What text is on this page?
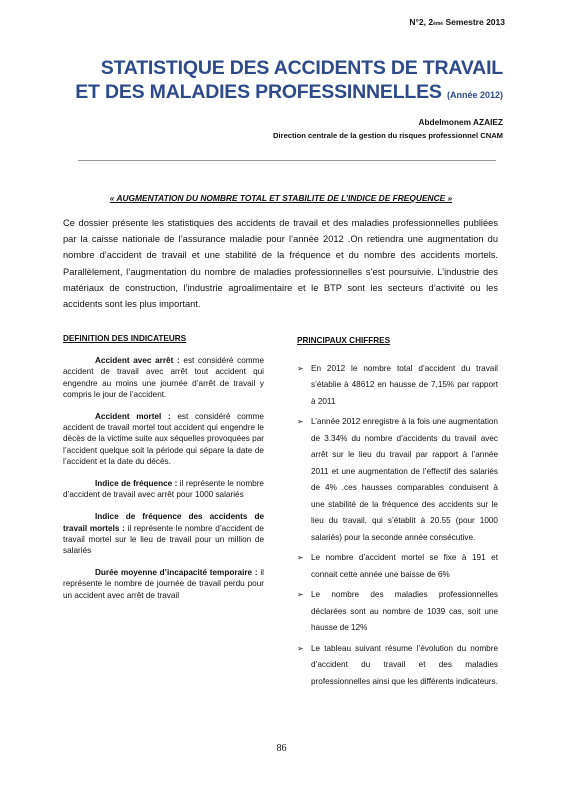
N°2, 2ème Semestre 2013
STATISTIQUE DES ACCIDENTS DE TRAVAIL
ET DES MALADIES PROFESSINNELLES (Année 2012)
Abdelmonem AZAIEZ
Direction centrale de la gestion du risques professionnel CNAM
« AUGMENTATION DU NOMBRE TOTAL ET STABILITE DE L’INDICE DE FREQUENCE »
Ce dossier présente les statistiques des accidents de travail et des maladies professionnelles publiées par la caisse nationale de l’assurance maladie pour l’année 2012 .On retiendra une augmentation du nombre d’accident de travail et une stabilité de la fréquence et du nombre des accidents mortels. Parallèlement, l’augmentation du nombre de maladies professionnelles s’est poursuivie. L’industrie des matériaux de construction, l’industrie agroalimentaire et le BTP sont les secteurs d’activité ou les accidents sont les plus important.
DEFINITION DES INDICATEURS
Accident avec arrêt : est considéré comme accident de travail avec arrêt tout accident qui engendre au moins une journée d’arrêt de travail y compris le jour de l’accident.
Accident mortel : est considéré comme accident de travail mortel tout accident qui engendre le décès de la victime suite aux séquelles provoquées par l’accident quelque soit la période qui sépare la date de l’accident et la date du décès.
Indice de fréquence : il représente le nombre d’accident de travail avec arrêt pour 1000 salariés
Indice de fréquence des accidents de travail mortels : il représente le nombre d’accident de travail mortel sur le lieu de travail pour un million de salariés
Durée moyenne d’incapacité temporaire : il représente le nombre de journée de travail perdu pour un accident avec arrêt de travail
PRINCIPAUX CHIFFRES
➢ En 2012 le nombre total d’accident du travail s’établie à 48612 en hausse de 7,15% par rapport à 2011
➢ L’année 2012 enregistre à la fois une augmentation de 3.34% du nombre d’accidents du travail avec arrêt sur le lieu du travail par rapport à l’année 2011 et une augmentation de l’effectif des salariés de 4% .ces hausses comparables conduisent à une stabilité de la fréquence des accidents sur le lieu du travail, qui s’établit à 20.55 (pour 1000 salariés) pour la seconde année consécutive.
➢ Le nombre d’accident mortel se fixe à 191 et connait cette année une baisse de 6%
➢ Le nombre des maladies professionnelles déclarées sont au nombre de 1039 cas, soit une hausse de 12%
➢ Le tableau suivant résume l’évolution du nombre d’accident du travail et des maladies professionnelles ainsi que les différents indicateurs.
86
